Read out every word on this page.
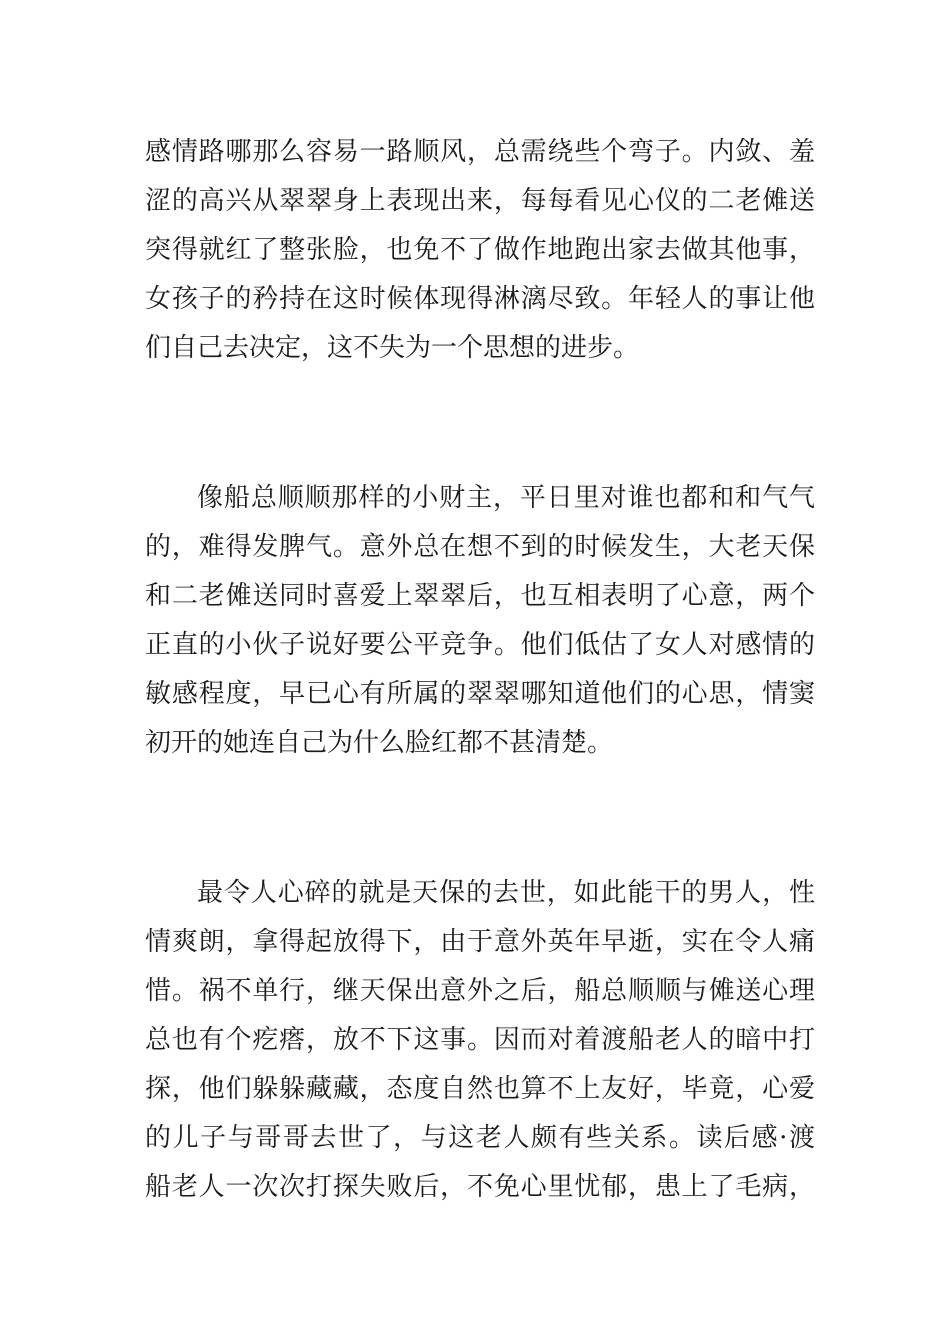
感情路哪那么容易一路顺风，总需绕些个弯子。内敛、羞
涩的高兴从翠翠身上表现出来，每每看见心仪的二老傩送
突得就红了整张脸，也免不了做作地跑出家去做其他事，
女孩子的矜持在这时候体现得淋漓尽致。年轻人的事让他
们自己去决定，这不失为一个思想的进步。
像船总顺顺那样的小财主，平日里对谁也都和和气气
的，难得发脾气。意外总在想不到的时候发生，大老天保
和二老傩送同时喜爱上翠翠后，也互相表明了心意，两个
正直的小伙子说好要公平竞争。他们低估了女人对感情的
敏感程度，早已心有所属的翠翠哪知道他们的心思，情窦
初开的她连自己为什么脸红都不甚清楚。
最令人心碎的就是天保的去世，如此能干的男人，性
情爽朗，拿得起放得下，由于意外英年早逝，实在令人痛
惜。祸不单行，继天保出意外之后，船总顺顺与傩送心理
总也有个疙瘩，放不下这事。因而对着渡船老人的暗中打
探，他们躲躲藏藏，态度自然也算不上友好，毕竟，心爱
的儿子与哥哥去世了，与这老人颇有些关系。读后感·渡
船老人一次次打探失败后，不免心里忧郁，患上了毛病，
